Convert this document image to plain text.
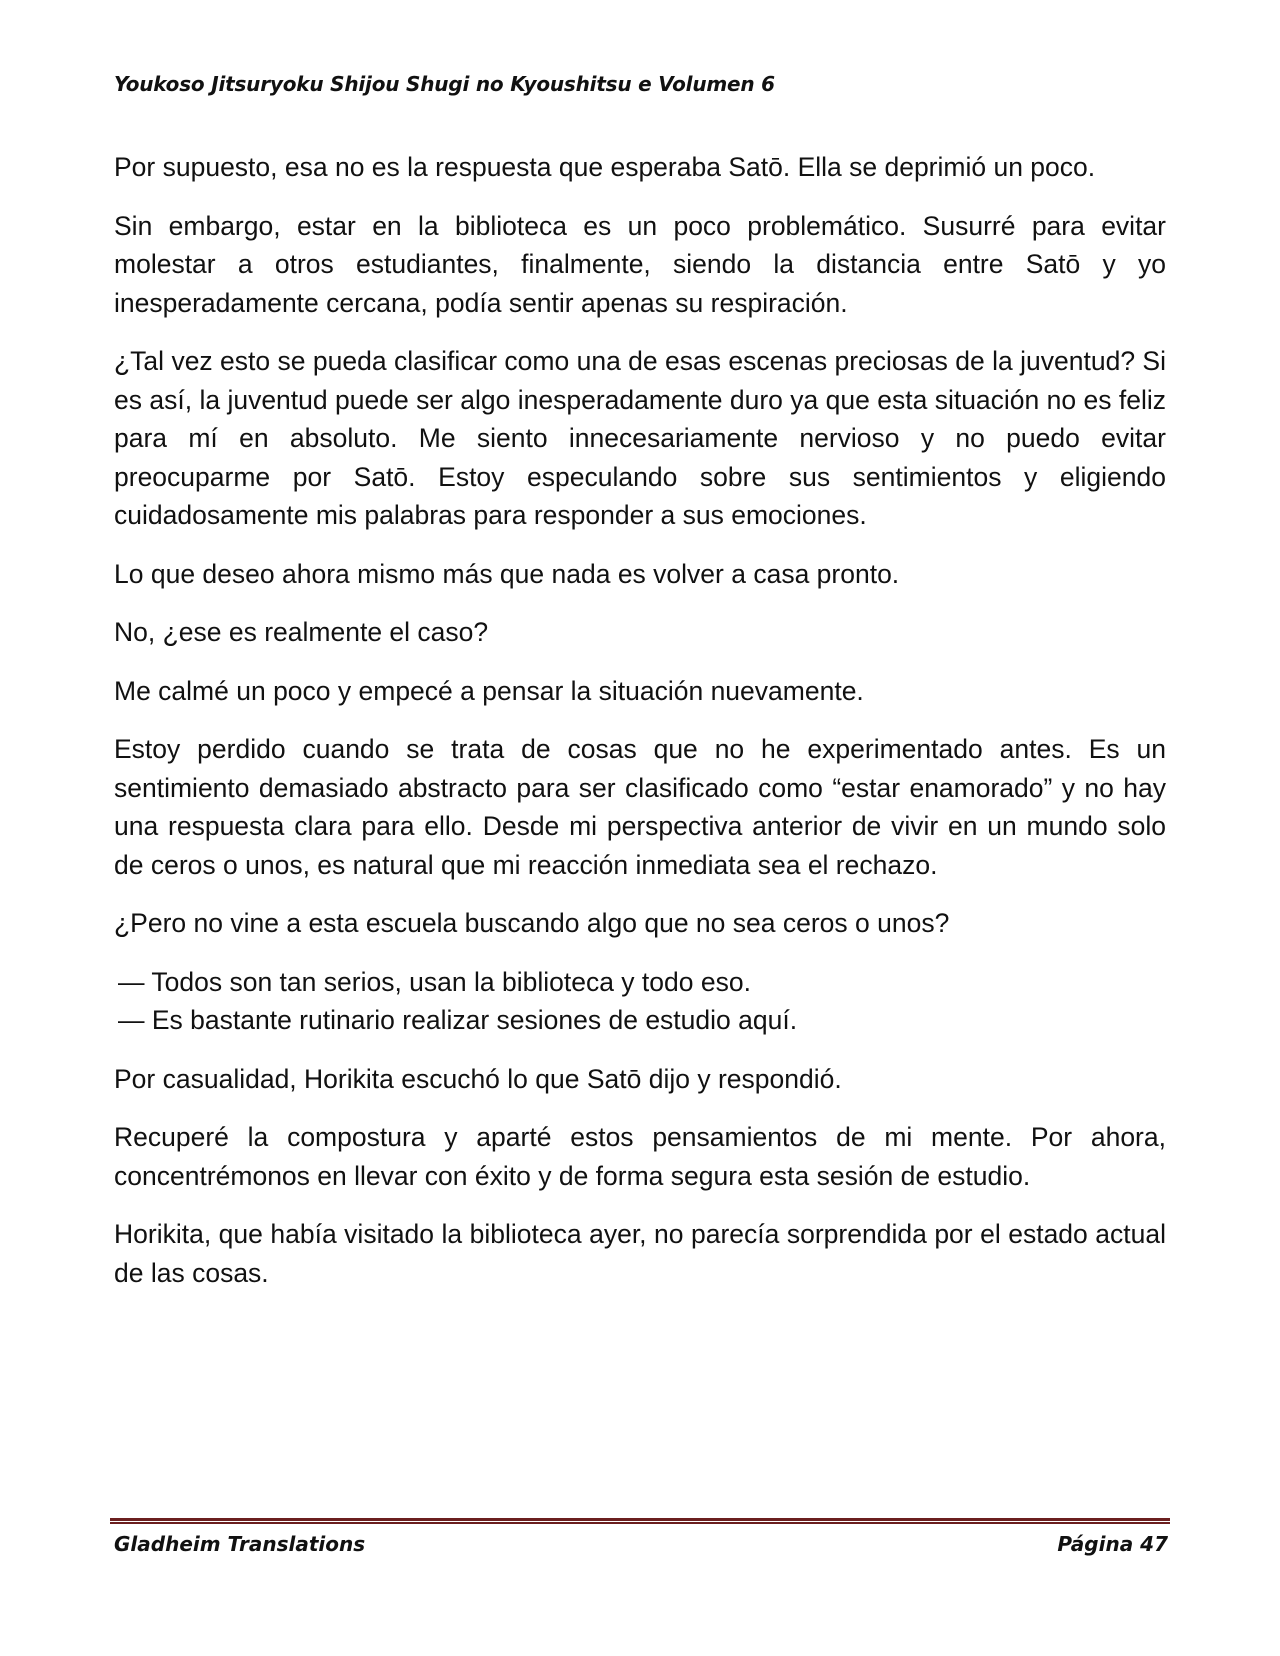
Youkoso Jitsuryoku Shijou Shugi no Kyoushitsu e Volumen 6

Por supuesto, esa no es la respuesta que esperaba Satō. Ella se deprimió un poco.

Sin embargo, estar en la biblioteca es un poco problemático. Susurré para evitar molestar a otros estudiantes, finalmente, siendo la distancia entre Satō y yo inesperadamente cercana, podía sentir apenas su respiración.

¿Tal vez esto se pueda clasificar como una de esas escenas preciosas de la juventud? Si es así, la juventud puede ser algo inesperadamente duro ya que esta situación no es feliz para mí en absoluto. Me siento innecesariamente nervioso y no puedo evitar preocuparme por Satō. Estoy especulando sobre sus sentimientos y eligiendo cuidadosamente mis palabras para responder a sus emociones.

Lo que deseo ahora mismo más que nada es volver a casa pronto.

No, ¿ese es realmente el caso?

Me calmé un poco y empecé a pensar la situación nuevamente.

Estoy perdido cuando se trata de cosas que no he experimentado antes. Es un sentimiento demasiado abstracto para ser clasificado como “estar enamorado” y no hay una respuesta clara para ello. Desde mi perspectiva anterior de vivir en un mundo solo de ceros o unos, es natural que mi reacción inmediata sea el rechazo.

¿Pero no vine a esta escuela buscando algo que no sea ceros o unos?

— Todos son tan serios, usan la biblioteca y todo eso.

— Es bastante rutinario realizar sesiones de estudio aquí.

Por casualidad, Horikita escuchó lo que Satō dijo y respondió.

Recuperé la compostura y aparté estos pensamientos de mi mente. Por ahora, concentrémonos en llevar con éxito y de forma segura esta sesión de estudio.

Horikita, que había visitado la biblioteca ayer, no parecía sorprendida por el estado actual de las cosas.

Gladheim Translations	Página 47
